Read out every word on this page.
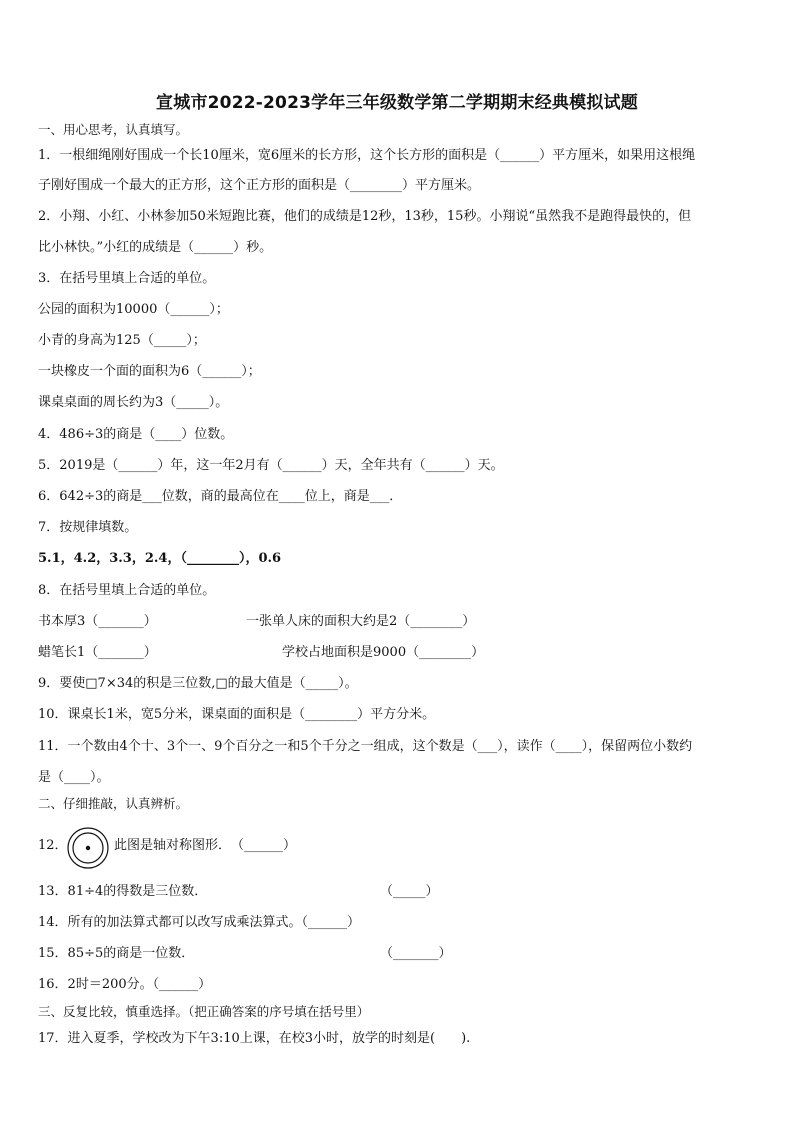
宣城市2022-2023学年三年级数学第二学期期末经典模拟试题
一、用心思考，认真填写。
1．一根细绳刚好围成一个长10厘米，宽6厘米的长方形，这个长方形的面积是（______）平方厘米，如果用这根绳
子刚好围成一个最大的正方形，这个正方形的面积是（________）平方厘米。
2．小翔、小红、小林参加50米短跑比赛，他们的成绩是12秒，13秒，15秒。小翔说“虽然我不是跑得最快的，但
比小林快。”小红的成绩是（______）秒。
3．在括号里填上合适的单位。
公园的面积为10000（______）；
小青的身高为125（_____）；
一块橡皮一个面的面积为6（______）；
课桌桌面的周长约为3（_____）。
4．486÷3的商是（____）位数。
5．2019是（______）年，这一年2月有（______）天，全年共有（______）天。
6．642÷3的商是___位数，商的最高位在____位上，商是___．
7．按规律填数。
5.1，4.2，3.3，2.4，（________），0.6
8．在括号里填上合适的单位。
书本厚3（_______）	一张单人床的面积大约是2（________）
蜡笔长1（_______）	学校占地面积是9000（________）
9．要使□7×34的积是三位数,□的最大值是（_____）。
10．课桌长1米，宽5分米，课桌面的面积是（________）平方分米。
11．一个数由4个十、3个一、9个百分之一和5个千分之一组成，这个数是（___），读作（____），保留两位小数约
是（____）。
二、仔细推敲，认真辨析。
12．	此图是轴对称图形．　（______）
13．81÷4的得数是三位数．	（_____）
14．所有的加法算式都可以改写成乘法算式。（______）
15．85÷5的商是一位数．	（_______）
16．2时＝200分。（______）
三、反复比较，慎重选择。（把正确答案的序号填在括号里）
17．进入夏季，学校改为下午3:10上课，在校3小时，放学的时刻是(　　).
